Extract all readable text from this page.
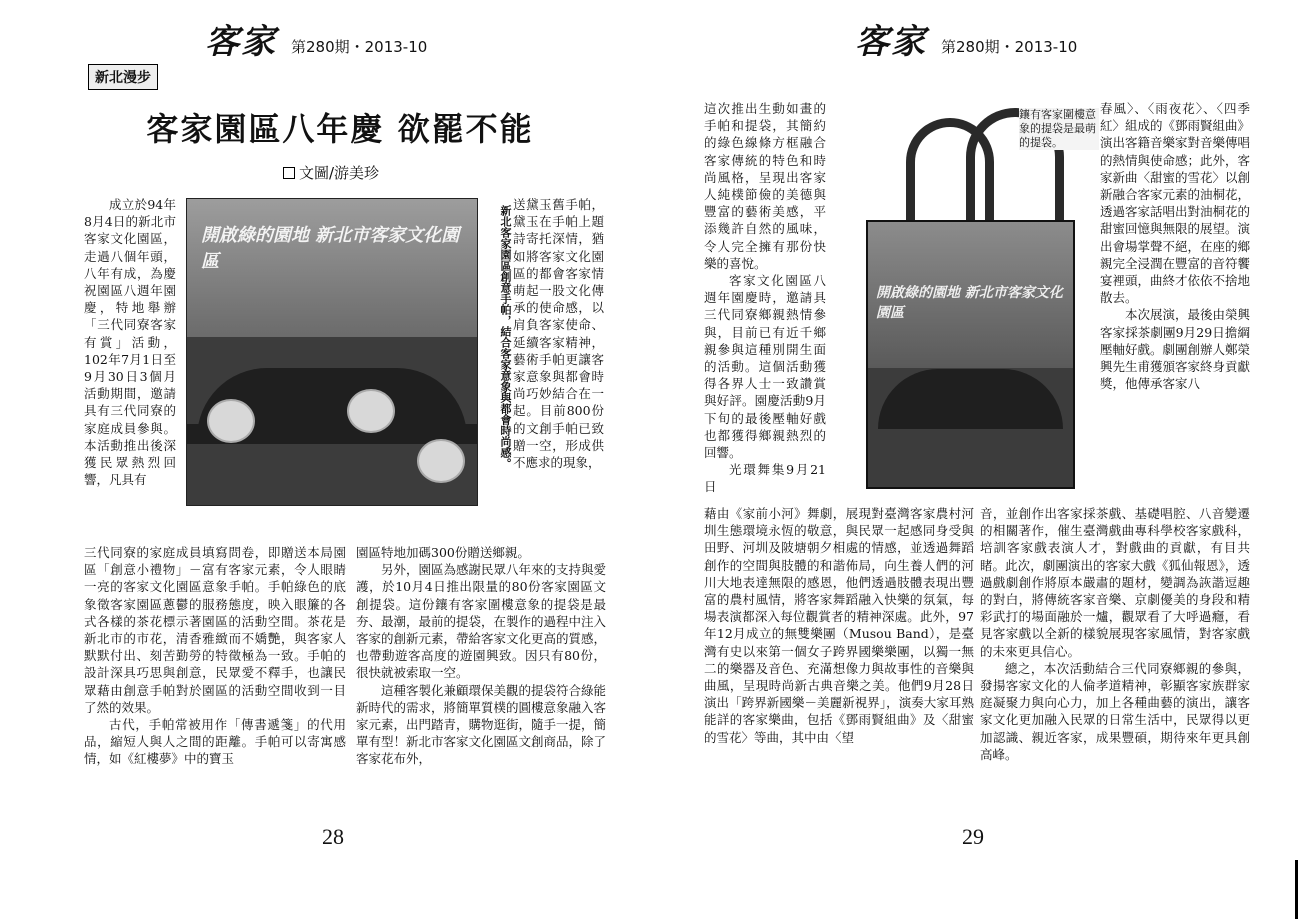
客家 第280期・2013-10
新北漫步
客家園區八年慶 欲罷不能
文圖/游美珍

成立於94年8月4日的新北市客家文化園區，走過八個年頭，八年有成，為慶祝園區八週年園慶，特地舉辦「三代同寮客家有賞」活動，102年7月1日至9月30日3個月活動期間，邀請具有三代同寮的家庭成員參與。本活動推出後深獲民眾熱烈回響，凡具有

開啟綠的園地 新北市客家文化園區	新北客家園區創意手帕，結合客家意象與都會時尚感。

送黛玉舊手帕，黛玉在手帕上題詩寄托深情，猶如將客家文化園區的都會客家情萌起一股文化傳承的使命感，以肩負客家使命、延續客家精神，藝術手帕更讓客家意象與都會時尚巧妙結合在一起。目前800份的文創手帕已致贈一空，形成供不應求的現象，

三代同寮的家庭成員填寫問卷，即贈送本局園區「創意小禮物」－富有客家元素，令人眼睛一亮的客家文化園區意象手帕。手帕綠色的底象徵客家園區蔥鬱的服務態度，映入眼簾的各式各樣的茶花標示著園區的活動空間。茶花是新北市的市花，清香雅緻而不嬌艷，與客家人默默付出、刻苦勤勞的特徵極為一致。手帕的設計深具巧思與創意，民眾愛不釋手，也讓民眾藉由創意手帕對於園區的活動空間收到一目了然的效果。

古代，手帕常被用作「傳書遞箋」的代用品，縮短人與人之間的距離。手帕可以寄寓感情，如《紅樓夢》中的寶玉

園區特地加碼300份贈送鄉親。

另外，園區為感謝民眾八年來的支持與愛護，於10月4日推出限量的80份客家園區文創提袋。這份鑲有客家圍樓意象的提袋是最夯、最潮，最前的提袋，在製作的過程中注入客家的創新元素，帶給客家文化更高的質感，也帶動遊客高度的遊園興致。因只有80份，很快就被索取一空。

這種客製化兼顧環保美觀的提袋符合綠能新時代的需求，將簡單質樸的圓樓意象融入客家元素，出門踏青，購物逛街，隨手一提，簡單有型！新北市客家文化園區文創商品，除了客家花布外，

28
客家 第280期・2013-10

這次推出生動如畫的手帕和提袋，其簡約的綠色線條方框融合客家傳統的特色和時尚風格，呈現出客家人純樸節儉的美德與豐富的藝術美感，平添幾許自然的風味，令人完全擁有那份快樂的喜悅。

客家文化園區八週年園慶時，邀請具三代同寮鄉親熱情參與，目前已有近千鄉親參與這種別開生面的活動。這個活動獲得各界人士一致讚賞與好評。園慶活動9月下旬的最後壓軸好戲也都獲得鄉親熱烈的回響。

光環舞集9月21日

開啟綠的園地 新北市客家文化園區
鑲有客家圍樓意象的提袋是最萌的提袋。

春風〉、〈雨夜花〉、〈四季紅〉組成的《鄧雨賢組曲》演出客籍音樂家對音樂傳唱的熱情與使命感；此外，客家新曲〈甜蜜的雪花〉以創新融合客家元素的油桐花，透過客家話唱出對油桐花的甜蜜回憶與無限的展望。演出會場掌聲不絕，在座的鄉親完全浸潤在豐富的音符饗宴裡頭，曲終才依依不捨地散去。

本次展演，最後由榮興客家採茶劇團9月29日擔綱壓軸好戲。劇團創辦人鄭榮興先生甫獲頒客家終身貢獻獎，他傳承客家八

藉由《家前小河》舞劇，展現對臺灣客家農村河圳生態環境永恆的敬意，與民眾一起感同身受與田野、河圳及陂塘朝夕相處的情感，並透過舞蹈創作的空間與肢體的和諧佈局，向生養人們的河川大地表達無限的感恩，他們透過肢體表現出豐富的農村風情，將客家舞蹈融入快樂的氛氣，每場表演都深入每位觀賞者的精神深處。此外，97年12月成立的無雙樂團（Musou Band），是臺灣有史以來第一個女子跨界國樂樂團，以獨一無二的樂器及音色、充滿想像力與故事性的音樂與曲風，呈現時尚新古典音樂之美。他們9月28日演出「跨界新國樂－美麗新視界」，演奏大家耳熟能詳的客家樂曲，包括《鄧雨賢組曲》及〈甜蜜的雪花〉等曲，其中由〈望

音，並創作出客家採茶戲、基礎唱腔、八音變遷的相關著作，催生臺灣戲曲專科學校客家戲科，培訓客家戲表演人才，對戲曲的貢獻，有目共睹。此次，劇團演出的客家大戲《狐仙報恩》，透過戲劇創作將原本嚴肅的題材，變調為詼諧逗趣的對白，將傳統客家音樂、京劇優美的身段和精彩武打的場面融於一爐，觀眾看了大呼過癮，看見客家戲以全新的樣貌展現客家風情，對客家戲的未來更具信心。

總之，本次活動結合三代同寮鄉親的參與，發揚客家文化的人倫孝道精神，彰顯客家族群家庭凝聚力與向心力，加上各種曲藝的演出，讓客家文化更加融入民眾的日常生活中，民眾得以更加認識、親近客家，成果豐碩，期待來年更具創高峰。

29
